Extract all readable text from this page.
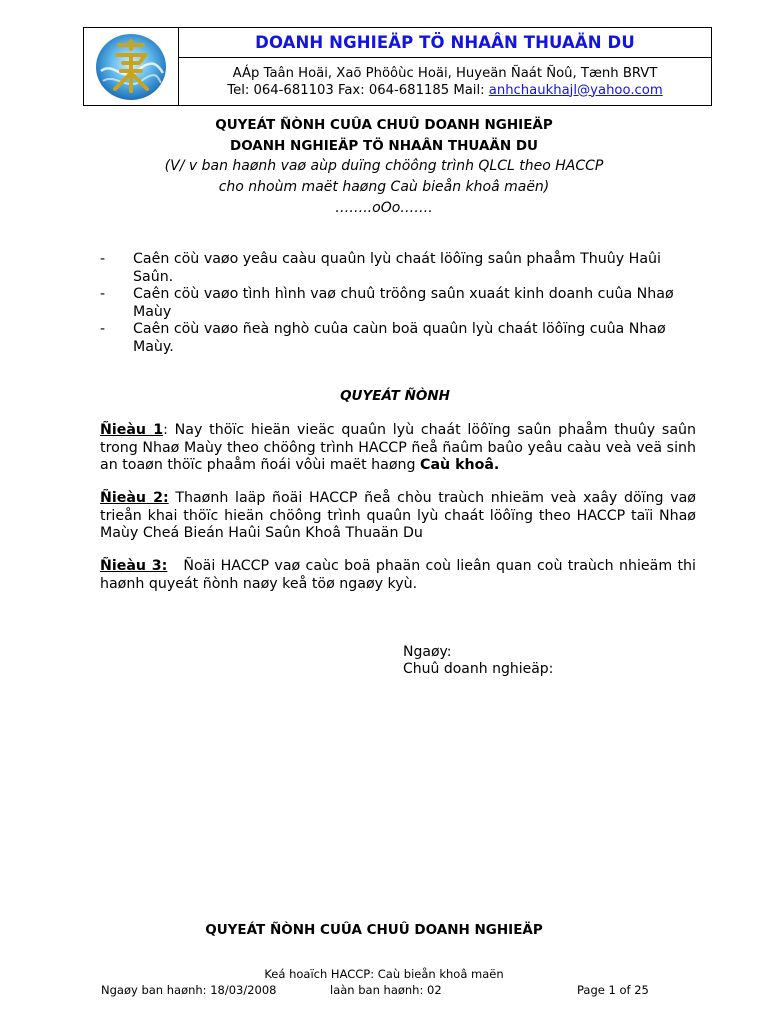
DOANH NGHIEÄP TÖ NHAÂN THUAÄN DU
AÁp Taân Hoäi, Xaõ Phöôùc Hoäi, Huyeän Ñaát Ñoû, Tænh BRVT
Tel: 064-681103 Fax: 064-681185 Mail: anhchaukhajl@yahoo.com
QUYEÁT ÑÒNH CUÛA CHUÛ DOANH NGHIEÄP
DOANH NGHIEÄP TÖ NHAÂN THUAÄN DU
(V/ v ban haønh vaø aùp duïng chöông trình QLCL theo HACCP
cho nhoùm maët haøng Caù bieån khoâ maën)
……..oOo…….
-	Caên cöù vaøo yeâu caàu quaûn lyù chaát löôïng saûn phaåm Thuûy Haûi Saûn.
-	Caên cöù vaøo tình hình vaø chuû tröông saûn xuaát kinh doanh cuûa Nhaø Maùy
-	Caên cöù vaøo ñeà nghò cuûa caùn boä quaûn lyù chaát löôïng cuûa Nhaø Maùy.
QUYEÁT ÑÒNH
Ñieàu 1: Nay thöïc hieän vieäc quaûn lyù chaát löôïng saûn phaåm thuûy saûn trong Nhaø Maùy theo chöông trình HACCP ñeå ñaûm baûo yeâu caàu veà veä sinh an toaøn thöïc phaåm ñoái vôùi maët haøng Caù khoâ.
Ñieàu 2: Thaønh laäp ñoäi HACCP ñeå chòu traùch nhieäm veà xaây döïng vaø trieån khai thöïc hieän chöông trình quaûn lyù chaát löôïng theo HACCP taïi Nhaø Maùy Cheá Bieán Haûi Saûn Khoâ Thuaän Du
Ñieàu 3: Ñoäi HACCP vaø caùc boä phaän coù lieân quan coù traùch nhieäm thi haønh quyeát ñònh naøy keå töø ngaøy kyù.
Ngaøy:
Chuû doanh nghieäp:
QUYEÁT ÑÒNH CUÛA CHUÛ DOANH NGHIEÄP
Keá hoaïch HACCP: Caù bieån khoâ maën
Ngaøy ban haønh: 18/03/2008	laàn ban haønh: 02	Page 1 of 25
